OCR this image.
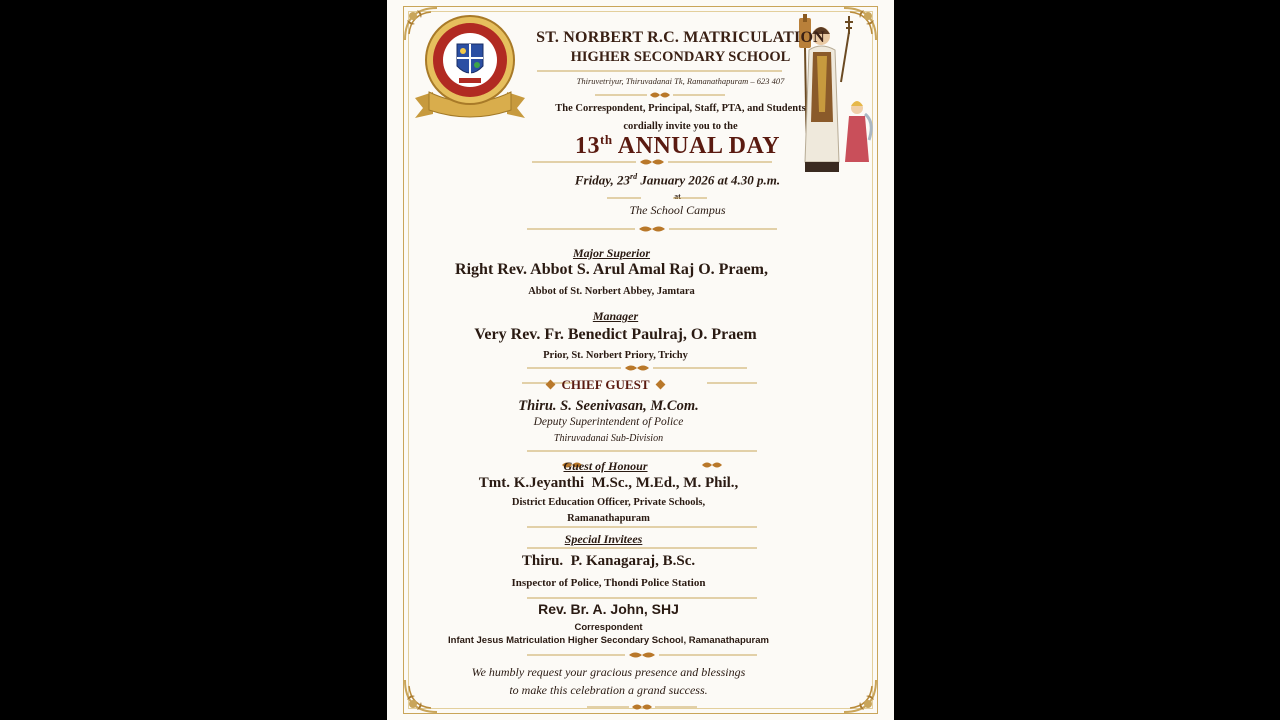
ST. NORBERT R.C. MATRICULATION
HIGHER SECONDARY SCHOOL
Thiruvetriyur, Thiruvadanai Tk, Ramanathapuram – 623 407
The Correspondent, Principal, Staff, PTA, and Students
cordially invite you to the
13th ANNUAL DAY
Friday, 23rd January 2026 at 4.30 p.m.
at
The School Campus
Major Superior
Right Rev. Abbot S. Arul Amal Raj O. Praem,
Abbot of St. Norbert Abbey, Jamtara
Manager
Very Rev. Fr. Benedict Paulraj, O. Praem
Prior, St. Norbert Priory, Trichy
CHIEF GUEST
Thiru. S. Seenivasan, M.Com.
Deputy Superintendent of Police
Thiruvadanai Sub-Division
Guest of Honour
Tmt. K.Jeyanthi  M.Sc., M.Ed., M. Phil.,
District Education Officer, Private Schools,
Ramanathapuram
Special Invitees
Thiru.  P. Kanagaraj, B.Sc.
Inspector of Police, Thondi Police Station
Rev. Br. A. John, SHJ
Correspondent
Infant Jesus Matriculation Higher Secondary School, Ramanathapuram
We humbly request your gracious presence and blessings
to make this celebration a grand success.
